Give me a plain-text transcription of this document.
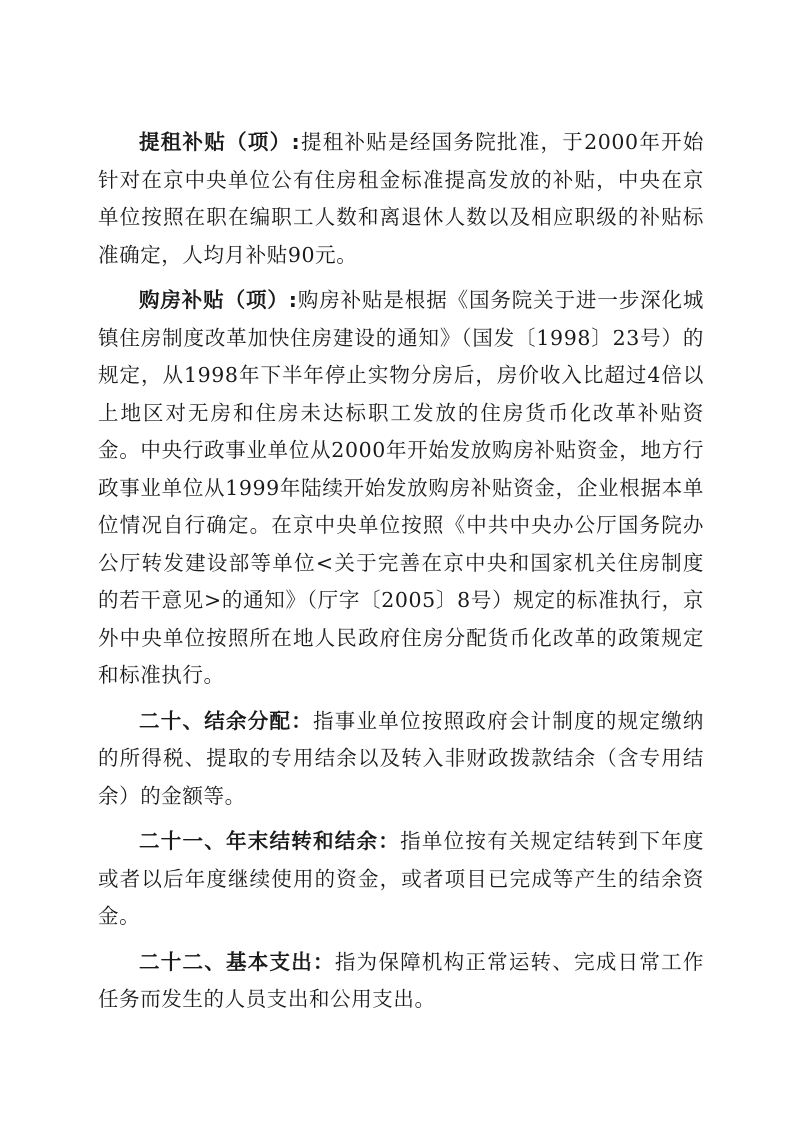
提租补贴（项）:提租补贴是经国务院批准，于2000年开始针对在京中央单位公有住房租金标准提高发放的补贴，中央在京单位按照在职在编职工人数和离退休人数以及相应职级的补贴标准确定，人均月补贴90元。

购房补贴（项）:购房补贴是根据《国务院关于进一步深化城镇住房制度改革加快住房建设的通知》（国发〔1998〕23号）的规定，从1998年下半年停止实物分房后，房价收入比超过4倍以上地区对无房和住房未达标职工发放的住房货币化改革补贴资金。中央行政事业单位从2000年开始发放购房补贴资金，地方行政事业单位从1999年陆续开始发放购房补贴资金，企业根据本单位情况自行确定。在京中央单位按照《中共中央办公厅国务院办公厅转发建设部等单位<关于完善在京中央和国家机关住房制度的若干意见>的通知》（厅字〔2005〕8号）规定的标准执行，京外中央单位按照所在地人民政府住房分配货币化改革的政策规定和标准执行。

二十、结余分配：指事业单位按照政府会计制度的规定缴纳的所得税、提取的专用结余以及转入非财政拨款结余（含专用结余）的金额等。

二十一、年末结转和结余：指单位按有关规定结转到下年度或者以后年度继续使用的资金，或者项目已完成等产生的结余资金。

二十二、基本支出：指为保障机构正常运转、完成日常工作任务而发生的人员支出和公用支出。
